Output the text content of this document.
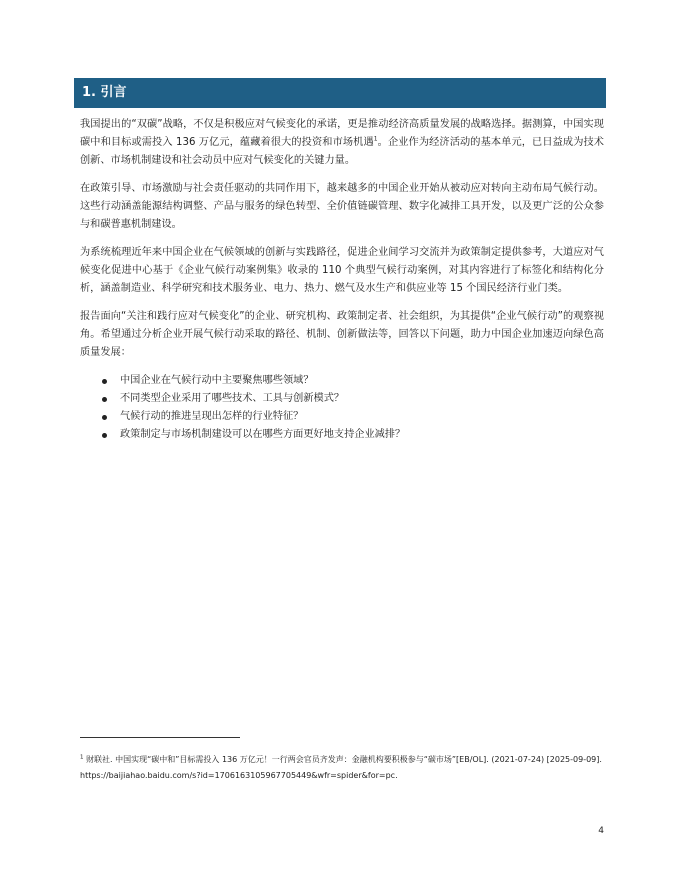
1. 引言

我国提出的“双碳”战略，不仅是积极应对气候变化的承诺，更是推动经济高质量发展的战略选择。据测算，中国实现碳中和目标或需投入 136 万亿元，蕴藏着很大的投资和市场机遇$^1$。企业作为经济活动的基本单元，已日益成为技术创新、市场机制建设和社会动员中应对气候变化的关键力量。

在政策引导、市场激励与社会责任驱动的共同作用下，越来越多的中国企业开始从被动应对转向主动布局气候行动。这些行动涵盖能源结构调整、产品与服务的绿色转型、全价值链碳管理、数字化减排工具开发，以及更广泛的公众参与和碳普惠机制建设。

为系统梳理近年来中国企业在气候领域的创新与实践路径，促进企业间学习交流并为政策制定提供参考，大道应对气候变化促进中心基于《企业气候行动案例集》收录的 110 个典型气候行动案例，对其内容进行了标签化和结构化分析，涵盖制造业、科学研究和技术服务业、电力、热力、燃气及水生产和供应业等 15 个国民经济行业门类。

报告面向“关注和践行应对气候变化”的企业、研究机构、政策制定者、社会组织，为其提供“企业气候行动”的观察视角。希望通过分析企业开展气候行动采取的路径、机制、创新做法等，回答以下问题，助力中国企业加速迈向绿色高质量发展：

中国企业在气候行动中主要聚焦哪些领域？
不同类型企业采用了哪些技术、工具与创新模式？
气候行动的推进呈现出怎样的行业特征？
政策制定与市场机制建设可以在哪些方面更好地支持企业减排？
$^1$ 财联社. 中国实现“碳中和”目标需投入 136 万亿元！一行两会官员齐发声：金融机构要积极参与“碳市场”[EB/OL]. (2021-07-24) [2025-09-09]. https://baijiahao.baidu.com/s?id=1706163105967705449&wfr=spider&for=pc.
4
